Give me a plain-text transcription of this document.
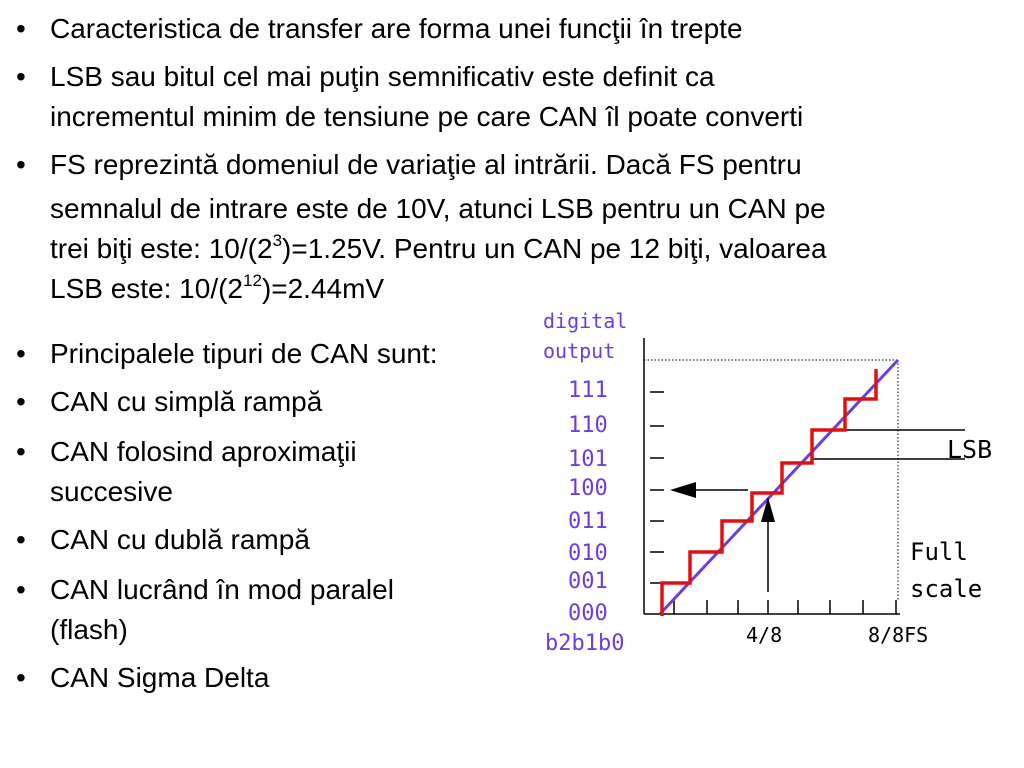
• Caracteristica de transfer are forma unei funcţii în trepte
• LSB sau bitul cel mai puţin semnificativ este definit ca
incrementul minim de tensiune pe care CAN îl poate converti
• FS reprezintă domeniul de variaţie al intrării. Dacă FS pentru
semnalul de intrare este de 10V, atunci LSB pentru un CAN pe
trei biţi este: $10/(2^3)=1.25V$. Pentru un CAN pe 12 biţi, valoarea
LSB este: $10/(2^{12})=2.44mV$
• Principalele tipuri de CAN sunt:
• CAN cu simplă rampă
• CAN folosind aproximaţii
succesive
• CAN cu dublă rampă
• CAN lucrând în mod paralel
(flash)
• CAN Sigma Delta
digital
output
111
110
101
100
011
010
001
000
b2b1b0
LSB
Full
scale
4/8	8/8FS
